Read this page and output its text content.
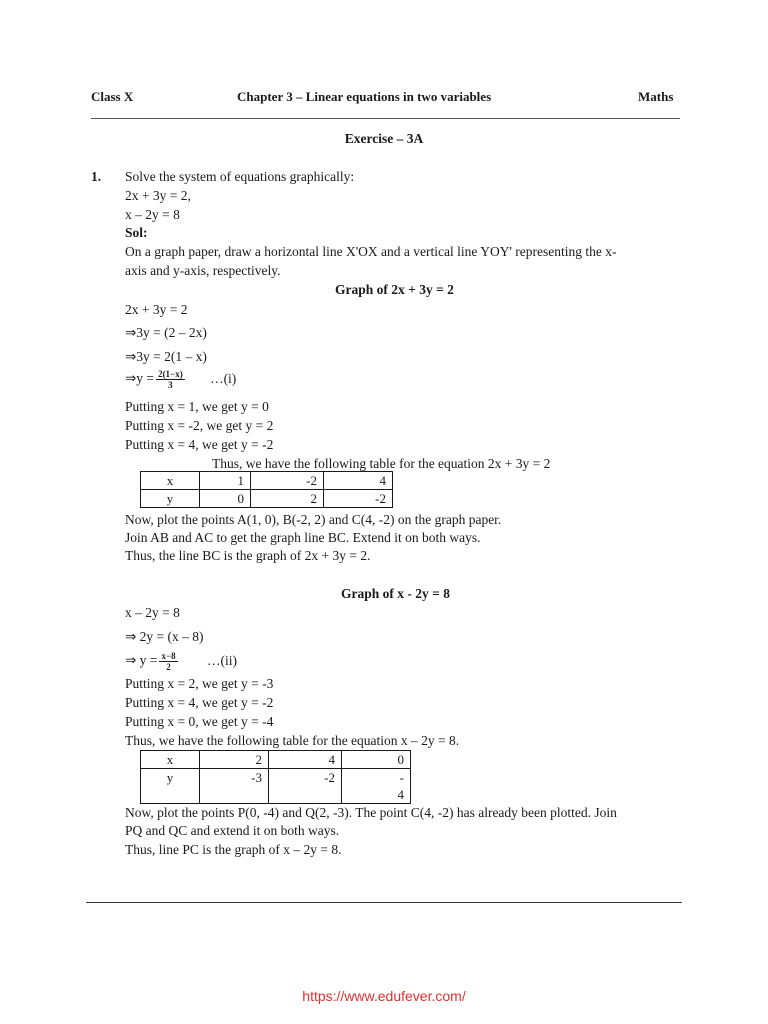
Class X	Chapter 3 – Linear equations in two variables	Maths
Exercise – 3A
1. Solve the system of equations graphically:
2x + 3y = 2,
x – 2y = 8
Sol:
On a graph paper, draw a horizontal line X'OX and a vertical line YOY' representing the x-
axis and y-axis, respectively.
Graph of 2x + 3y = 2
2x + 3y = 2
⇒3y = (2 – 2x)
⇒3y = 2(1 – x)
⇒y = $\frac{2(1-x)}{3}$ …(i)
Putting x = 1, we get y = 0
Putting x = -2, we get y = 2
Putting x = 4, we get y = -2
Thus, we have the following table for the equation 2x + 3y = 2
x	1	-2	4
y	0	2	-2
Now, plot the points A(1, 0), B(-2, 2) and C(4, -2) on the graph paper.
Join AB and AC to get the graph line BC. Extend it on both ways.
Thus, the line BC is the graph of 2x + 3y = 2.
Graph of x - 2y = 8
x – 2y = 8
⇒ 2y = (x – 8)
⇒ $y = \frac{x-8}{2}$ …(ii)
Putting x = 2, we get y = -3
Putting x = 4, we get y = -2
Putting x = 0, we get y = -4
Thus, we have the following table for the equation x – 2y = 8.
x	2	4	0
y	-3	-2	-
4
Now, plot the points P(0, -4) and Q(2, -3). The point C(4, -2) has already been plotted. Join
PQ and QC and extend it on both ways.
Thus, line PC is the graph of x – 2y = 8.
https://www.edufever.com/
